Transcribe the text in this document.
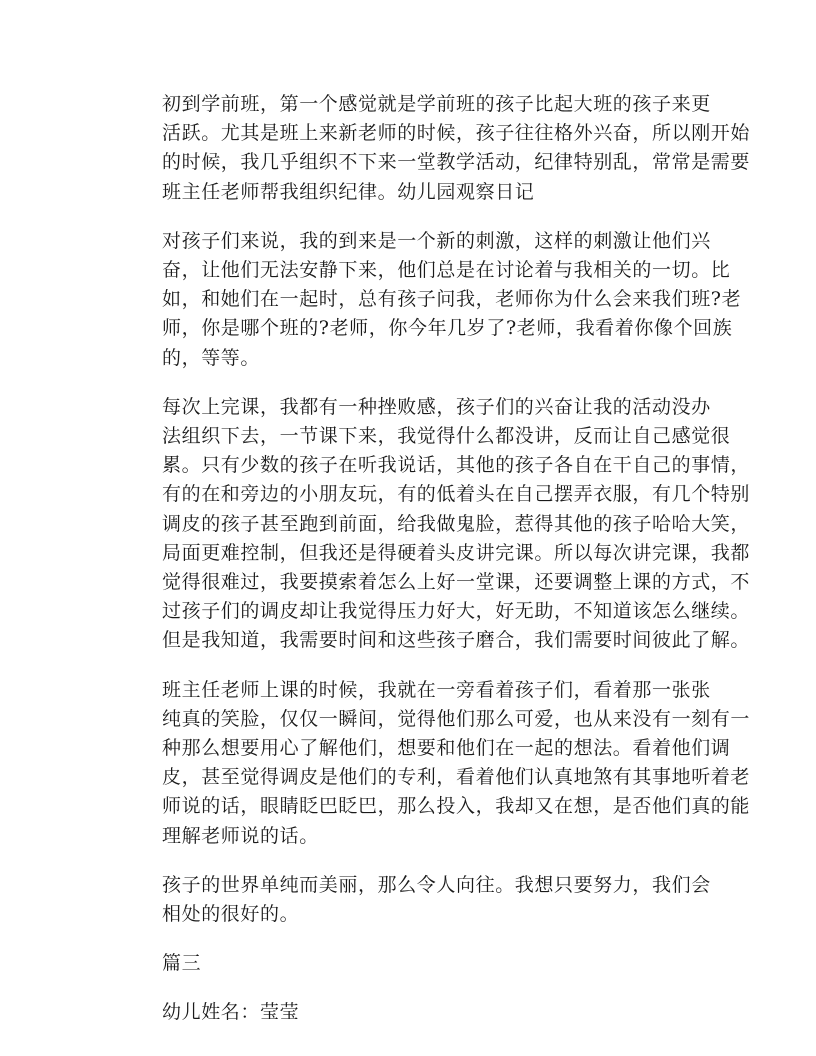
初到学前班，第一个感觉就是学前班的孩子比起大班的孩子来更
活跃。尤其是班上来新老师的时候，孩子往往格外兴奋，所以刚开始
的时候，我几乎组织不下来一堂教学活动，纪律特别乱，常常是需要
班主任老师帮我组织纪律。幼儿园观察日记

对孩子们来说，我的到来是一个新的刺激，这样的刺激让他们兴
奋，让他们无法安静下来，他们总是在讨论着与我相关的一切。比
如，和她们在一起时，总有孩子问我，老师你为什么会来我们班?老
师，你是哪个班的?老师，你今年几岁了?老师，我看着你像个回族
的，等等。

每次上完课，我都有一种挫败感，孩子们的兴奋让我的活动没办
法组织下去，一节课下来，我觉得什么都没讲，反而让自己感觉很
累。只有少数的孩子在听我说话，其他的孩子各自在干自己的事情，
有的在和旁边的小朋友玩，有的低着头在自己摆弄衣服，有几个特别
调皮的孩子甚至跑到前面，给我做鬼脸，惹得其他的孩子哈哈大笑，
局面更难控制，但我还是得硬着头皮讲完课。所以每次讲完课，我都
觉得很难过，我要摸索着怎么上好一堂课，还要调整上课的方式，不
过孩子们的调皮却让我觉得压力好大，好无助，不知道该怎么继续。
但是我知道，我需要时间和这些孩子磨合，我们需要时间彼此了解。

班主任老师上课的时候，我就在一旁看着孩子们，看着那一张张
纯真的笑脸，仅仅一瞬间，觉得他们那么可爱，也从来没有一刻有一
种那么想要用心了解他们，想要和他们在一起的想法。看着他们调
皮，甚至觉得调皮是他们的专利，看着他们认真地煞有其事地听着老
师说的话，眼睛眨巴眨巴，那么投入，我却又在想，是否他们真的能
理解老师说的话。

孩子的世界单纯而美丽，那么令人向往。我想只要努力，我们会
相处的很好的。

篇三

幼儿姓名：莹莹
